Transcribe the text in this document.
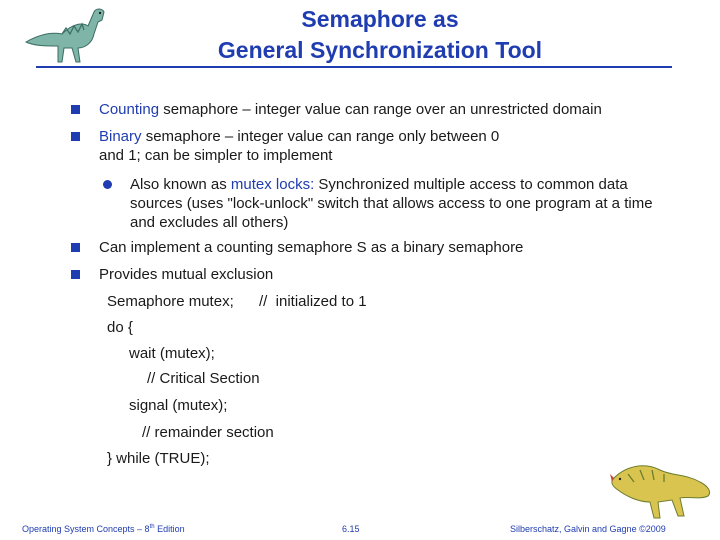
Semaphore as
General Synchronization Tool
Counting semaphore – integer value can range over an unrestricted domain
Binary semaphore – integer value can range only between 0
and 1; can be simpler to implement
Also known as mutex locks: Synchronized multiple access to common data
sources (uses "lock-unlock" switch that allows access to one program at a time
and excludes all others)
Can implement a counting semaphore S as a binary semaphore
Provides mutual exclusion
Semaphore mutex; //  initialized to 1
do {
wait (mutex);
// Critical Section
signal (mutex);
// remainder section
} while (TRUE);
Operating System Concepts – 8th Edition	6.15	Silberschatz, Galvin and Gagne ©2009
